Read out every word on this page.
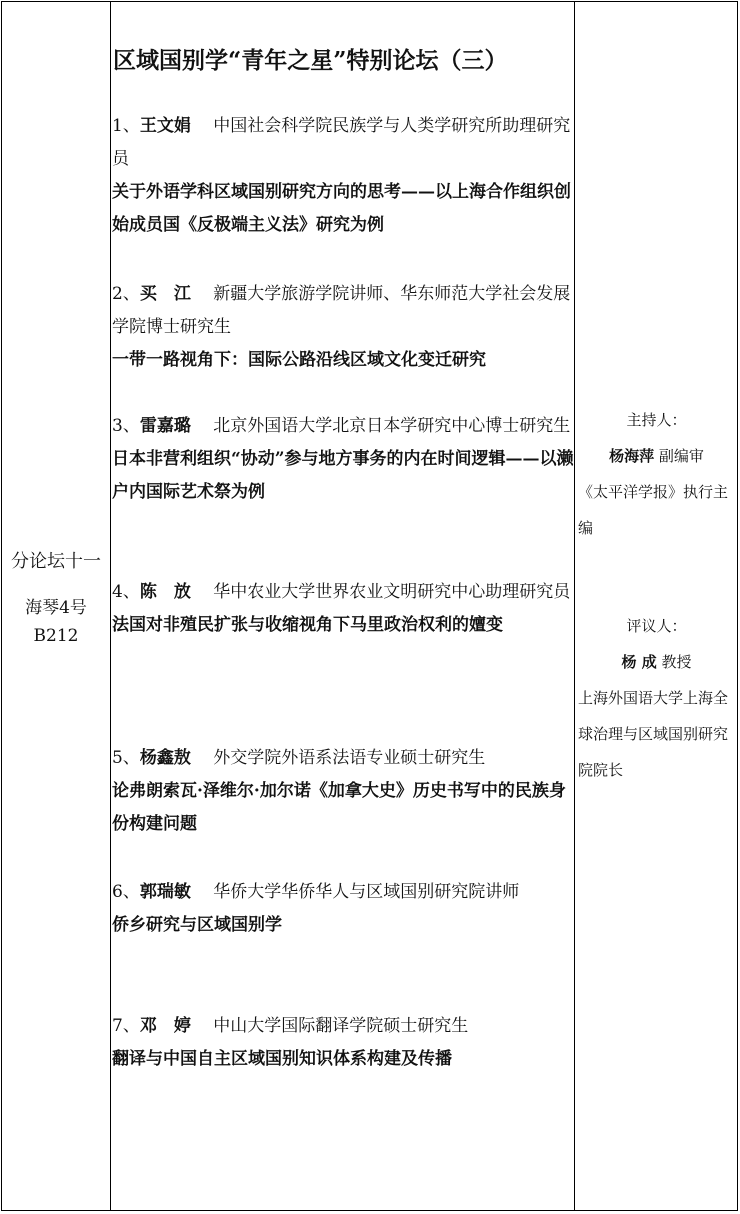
分论坛十一
海琴4号
B212
区域国别学“青年之星”特别论坛（三）
1、王文娟　 中国社会科学院民族学与人类学研究所助理研究员
关于外语学科区域国别研究方向的思考——以上海合作组织创始成员国《反极端主义法》研究为例
2、买　江　 新疆大学旅游学院讲师、华东师范大学社会发展学院博士研究生
一带一路视角下：国际公路沿线区域文化变迁研究
3、雷嘉璐　 北京外国语大学北京日本学研究中心博士研究生
日本非营利组织“协动”参与地方事务的内在时间逻辑——以濑户内国际艺术祭为例
4、陈　放　 华中农业大学世界农业文明研究中心助理研究员
法国对非殖民扩张与收缩视角下马里政治权利的嬗变
5、杨鑫敖　 外交学院外语系法语专业硕士研究生
论弗朗索瓦·泽维尔·加尔诺《加拿大史》历史书写中的民族身份构建问题
6、郭瑞敏　 华侨大学华侨华人与区域国别研究院讲师
侨乡研究与区域国别学
7、邓　婷　 中山大学国际翻译学院硕士研究生
翻译与中国自主区域国别知识体系构建及传播
主持人：
杨海萍 副编审
《太平洋学报》执行主编
评议人：
杨 成 教授
上海外国语大学上海全球治理与区域国别研究院院长
